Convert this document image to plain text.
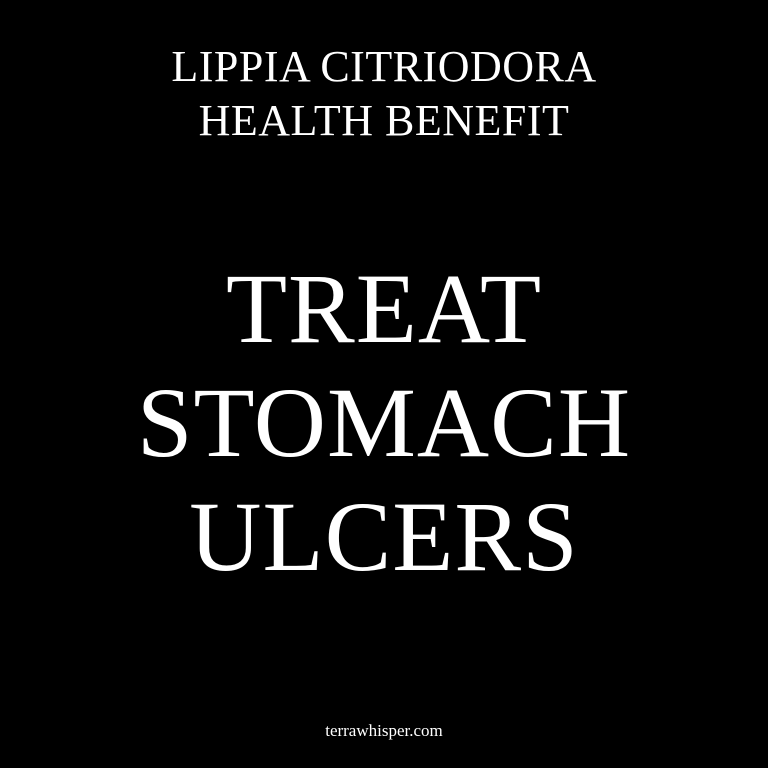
LIPPIA CITRIODORA
HEALTH BENEFIT
TREAT
STOMACH
ULCERS
terrawhisper.com
